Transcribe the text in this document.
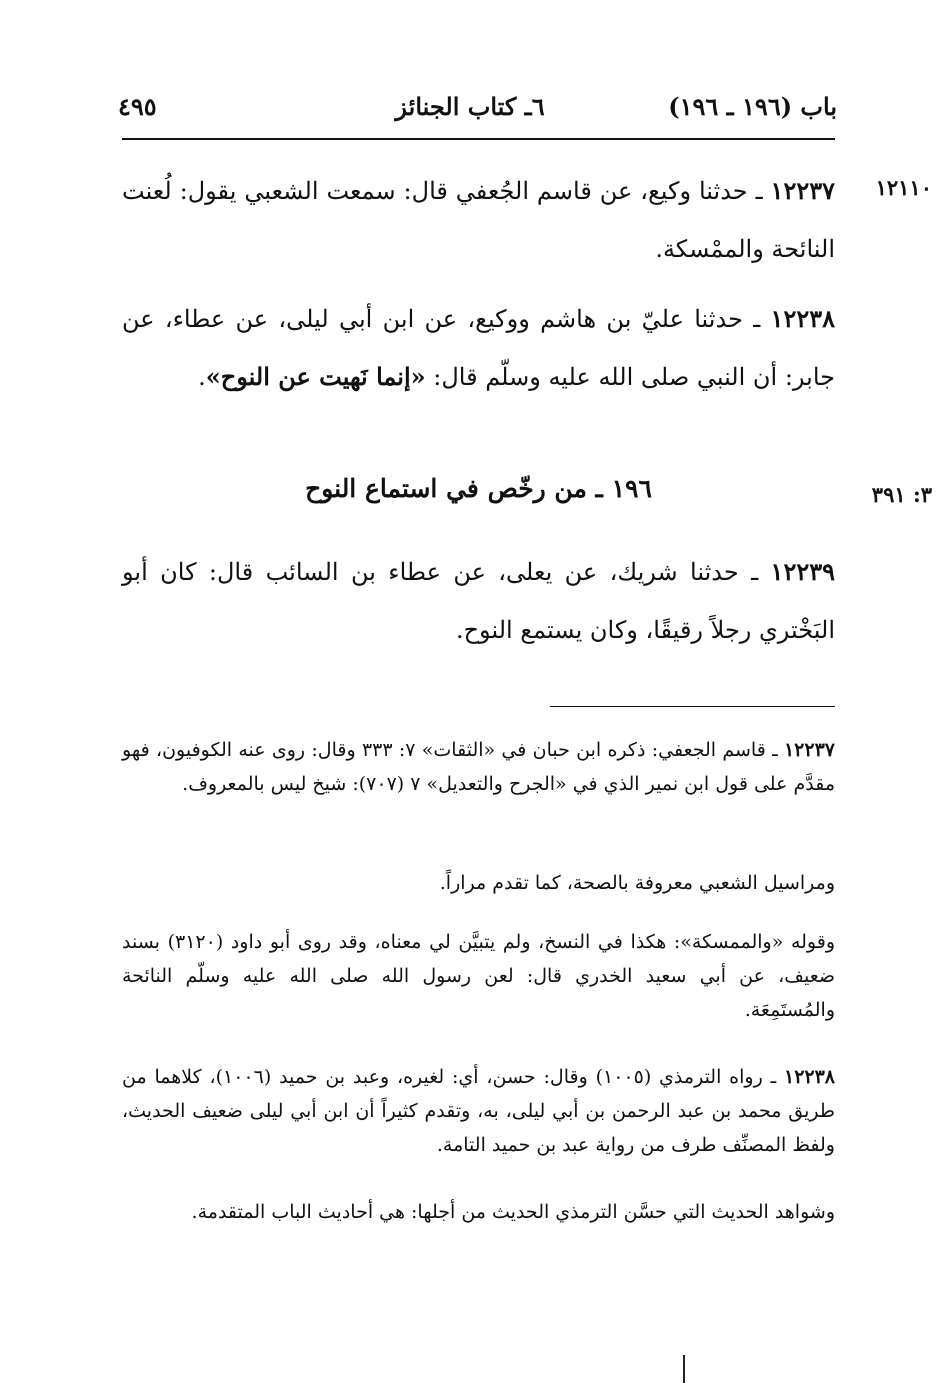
باب (١٩٦ ـ ١٩٦)
٦ـ كتاب الجنائز
٤٩٥
١٢١١٠
٣: ٣٩١

١٢٢٣٧ ـ حدثنا وكيع، عن قاسم الجُعفي قال: سمعت الشعبي يقول: لُعنت النائحة والممْسكة.

١٢٢٣٨ ـ حدثنا عليّ بن هاشم ووكيع، عن ابن أبي ليلى، عن عطاء، عن جابر: أن النبي صلى الله عليه وسلّم قال: «إنما نَهيت عن النوح».

١٩٦ ـ من رخّص في استماع النوح

١٢٢٣٩ ـ حدثنا شريك، عن يعلى، عن عطاء بن السائب قال: كان أبو البَخْتري رجلاً رقيقًا، وكان يستمع النوح.

١٢٢٣٧ ـ قاسم الجعفي: ذكره ابن حبان في «الثقات» ٧: ٣٣٣ وقال: روى عنه الكوفيون، فهو مقدَّم على قول ابن نمير الذي في «الجرح والتعديل» ٧ (٧٠٧): شيخ ليس بالمعروف.

ومراسيل الشعبي معروفة بالصحة، كما تقدم مراراً.

وقوله «والممسكة»: هكذا في النسخ، ولم يتبيَّن لي معناه، وقد روى أبو داود (٣١٢٠) بسند ضعيف، عن أبي سعيد الخدري قال: لعن رسول الله صلى الله عليه وسلّم النائحة والمُستَمِعَة.

١٢٢٣٨ ـ رواه الترمذي (١٠٠٥) وقال: حسن، أي: لغيره، وعبد بن حميد (١٠٠٦)، كلاهما من طريق محمد بن عبد الرحمن بن أبي ليلى، به، وتقدم كثيراً أن ابن أبي ليلى ضعيف الحديث، ولفظ المصنِّف طرف من رواية عبد بن حميد التامة.

وشواهد الحديث التي حسَّن الترمذي الحديث من أجلها: هي أحاديث الباب المتقدمة.
